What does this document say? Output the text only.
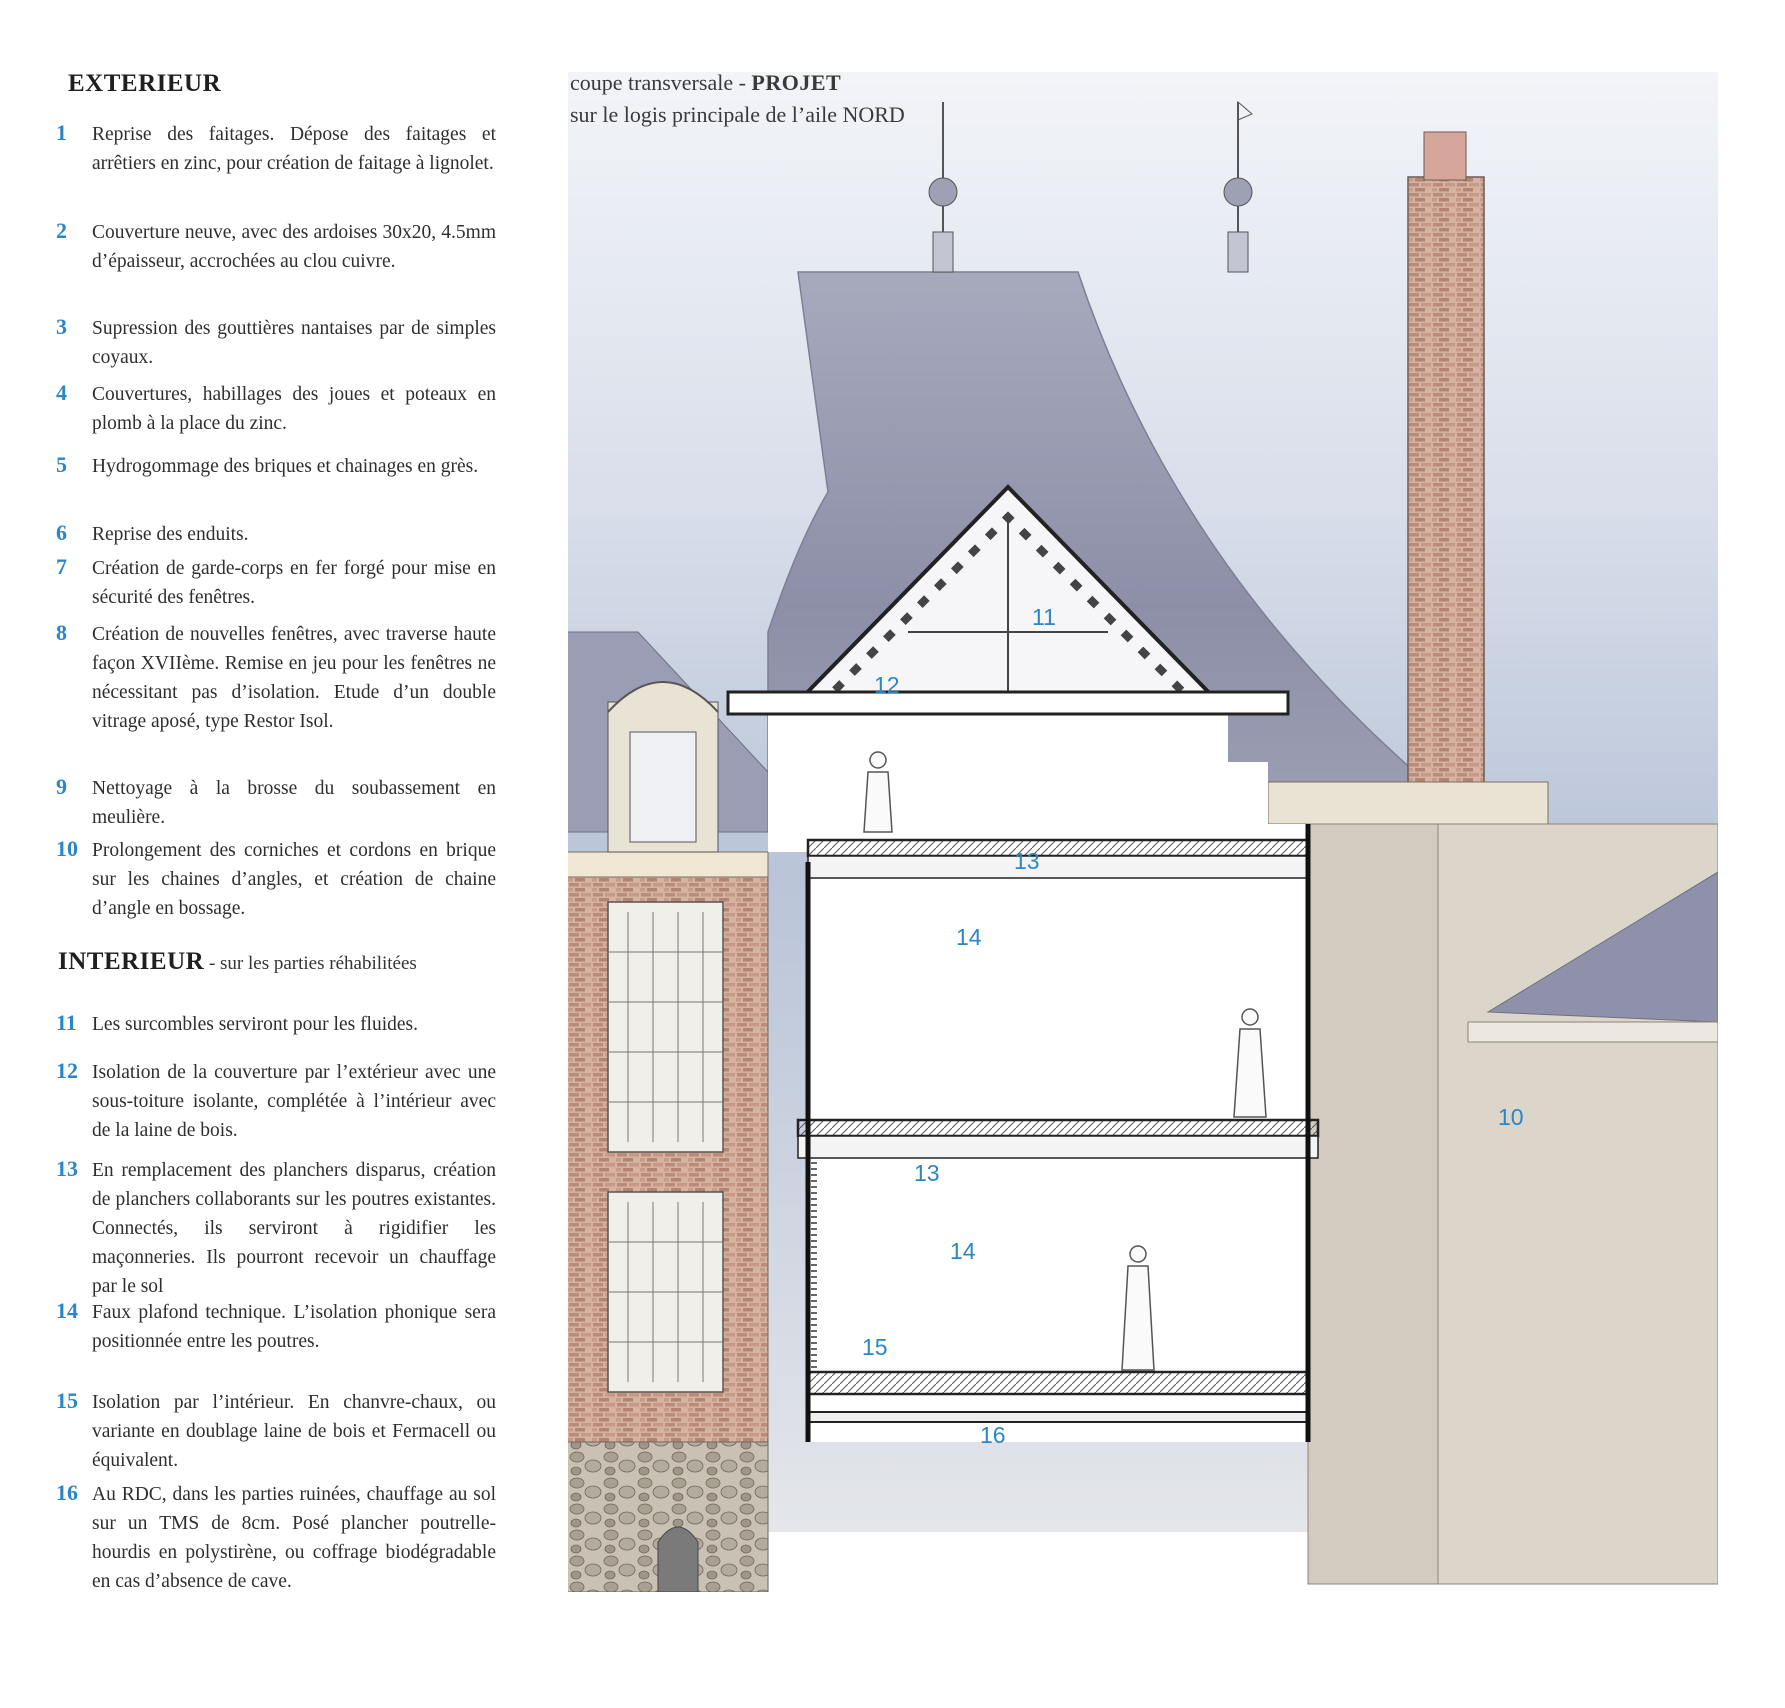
EXTERIEUR
1	Reprise des faitages. Dépose des faitages et arrêtiers en zinc, pour création de faitage à lignolet.
2	Couverture neuve, avec des ardoises 30x20, 4.5mm d’épaisseur, accrochées au clou cuivre.
3	Supression des gouttières nantaises par de simples coyaux.
4	Couvertures, habillages des joues et poteaux en plomb à la place du zinc.
5	Hydrogommage des briques et chainages en grès.
6	Reprise des enduits.
7	Création de garde-corps en fer forgé pour mise en sécurité des fenêtres.
8	Création de nouvelles fenêtres, avec traverse haute façon XVIIème. Remise en jeu pour les fenêtres ne nécessitant pas d’isolation. Etude d’un double vitrage aposé, type Restor Isol.
9	Nettoyage à la brosse du soubassement en meulière.
10 Prolongement des corniches et cordons en brique sur les chaines d’angles, et création de chaine d’angle en bossage.
INTERIEUR - sur les parties réhabilitées
11 Les surcombles serviront pour les fluides.
12 Isolation de la couverture par l’extérieur avec une sous-toiture isolante, complétée à l’intérieur avec de la laine de bois.
13 En remplacement des planchers disparus, création de planchers collaborants sur les poutres existantes. Connectés, ils serviront à rigidifier les maçonneries. Ils pourront recevoir un chauffage par le sol
14 Faux plafond technique. L’isolation phonique sera positionnée entre les poutres.
15 Isolation par l’intérieur. En chanvre-chaux, ou variante en doublage laine de bois et Fermacell ou équivalent.
16 Au RDC, dans les parties ruinées, chauffage au sol sur un TMS de 8cm. Posé plancher poutrelle-hourdis en polystirène, ou coffrage biodégradable en cas d’absence de cave.
coupe transversale - PROJET
sur le logis principale de l’aile NORD
11
12
13
14
13
14
15
16
10
